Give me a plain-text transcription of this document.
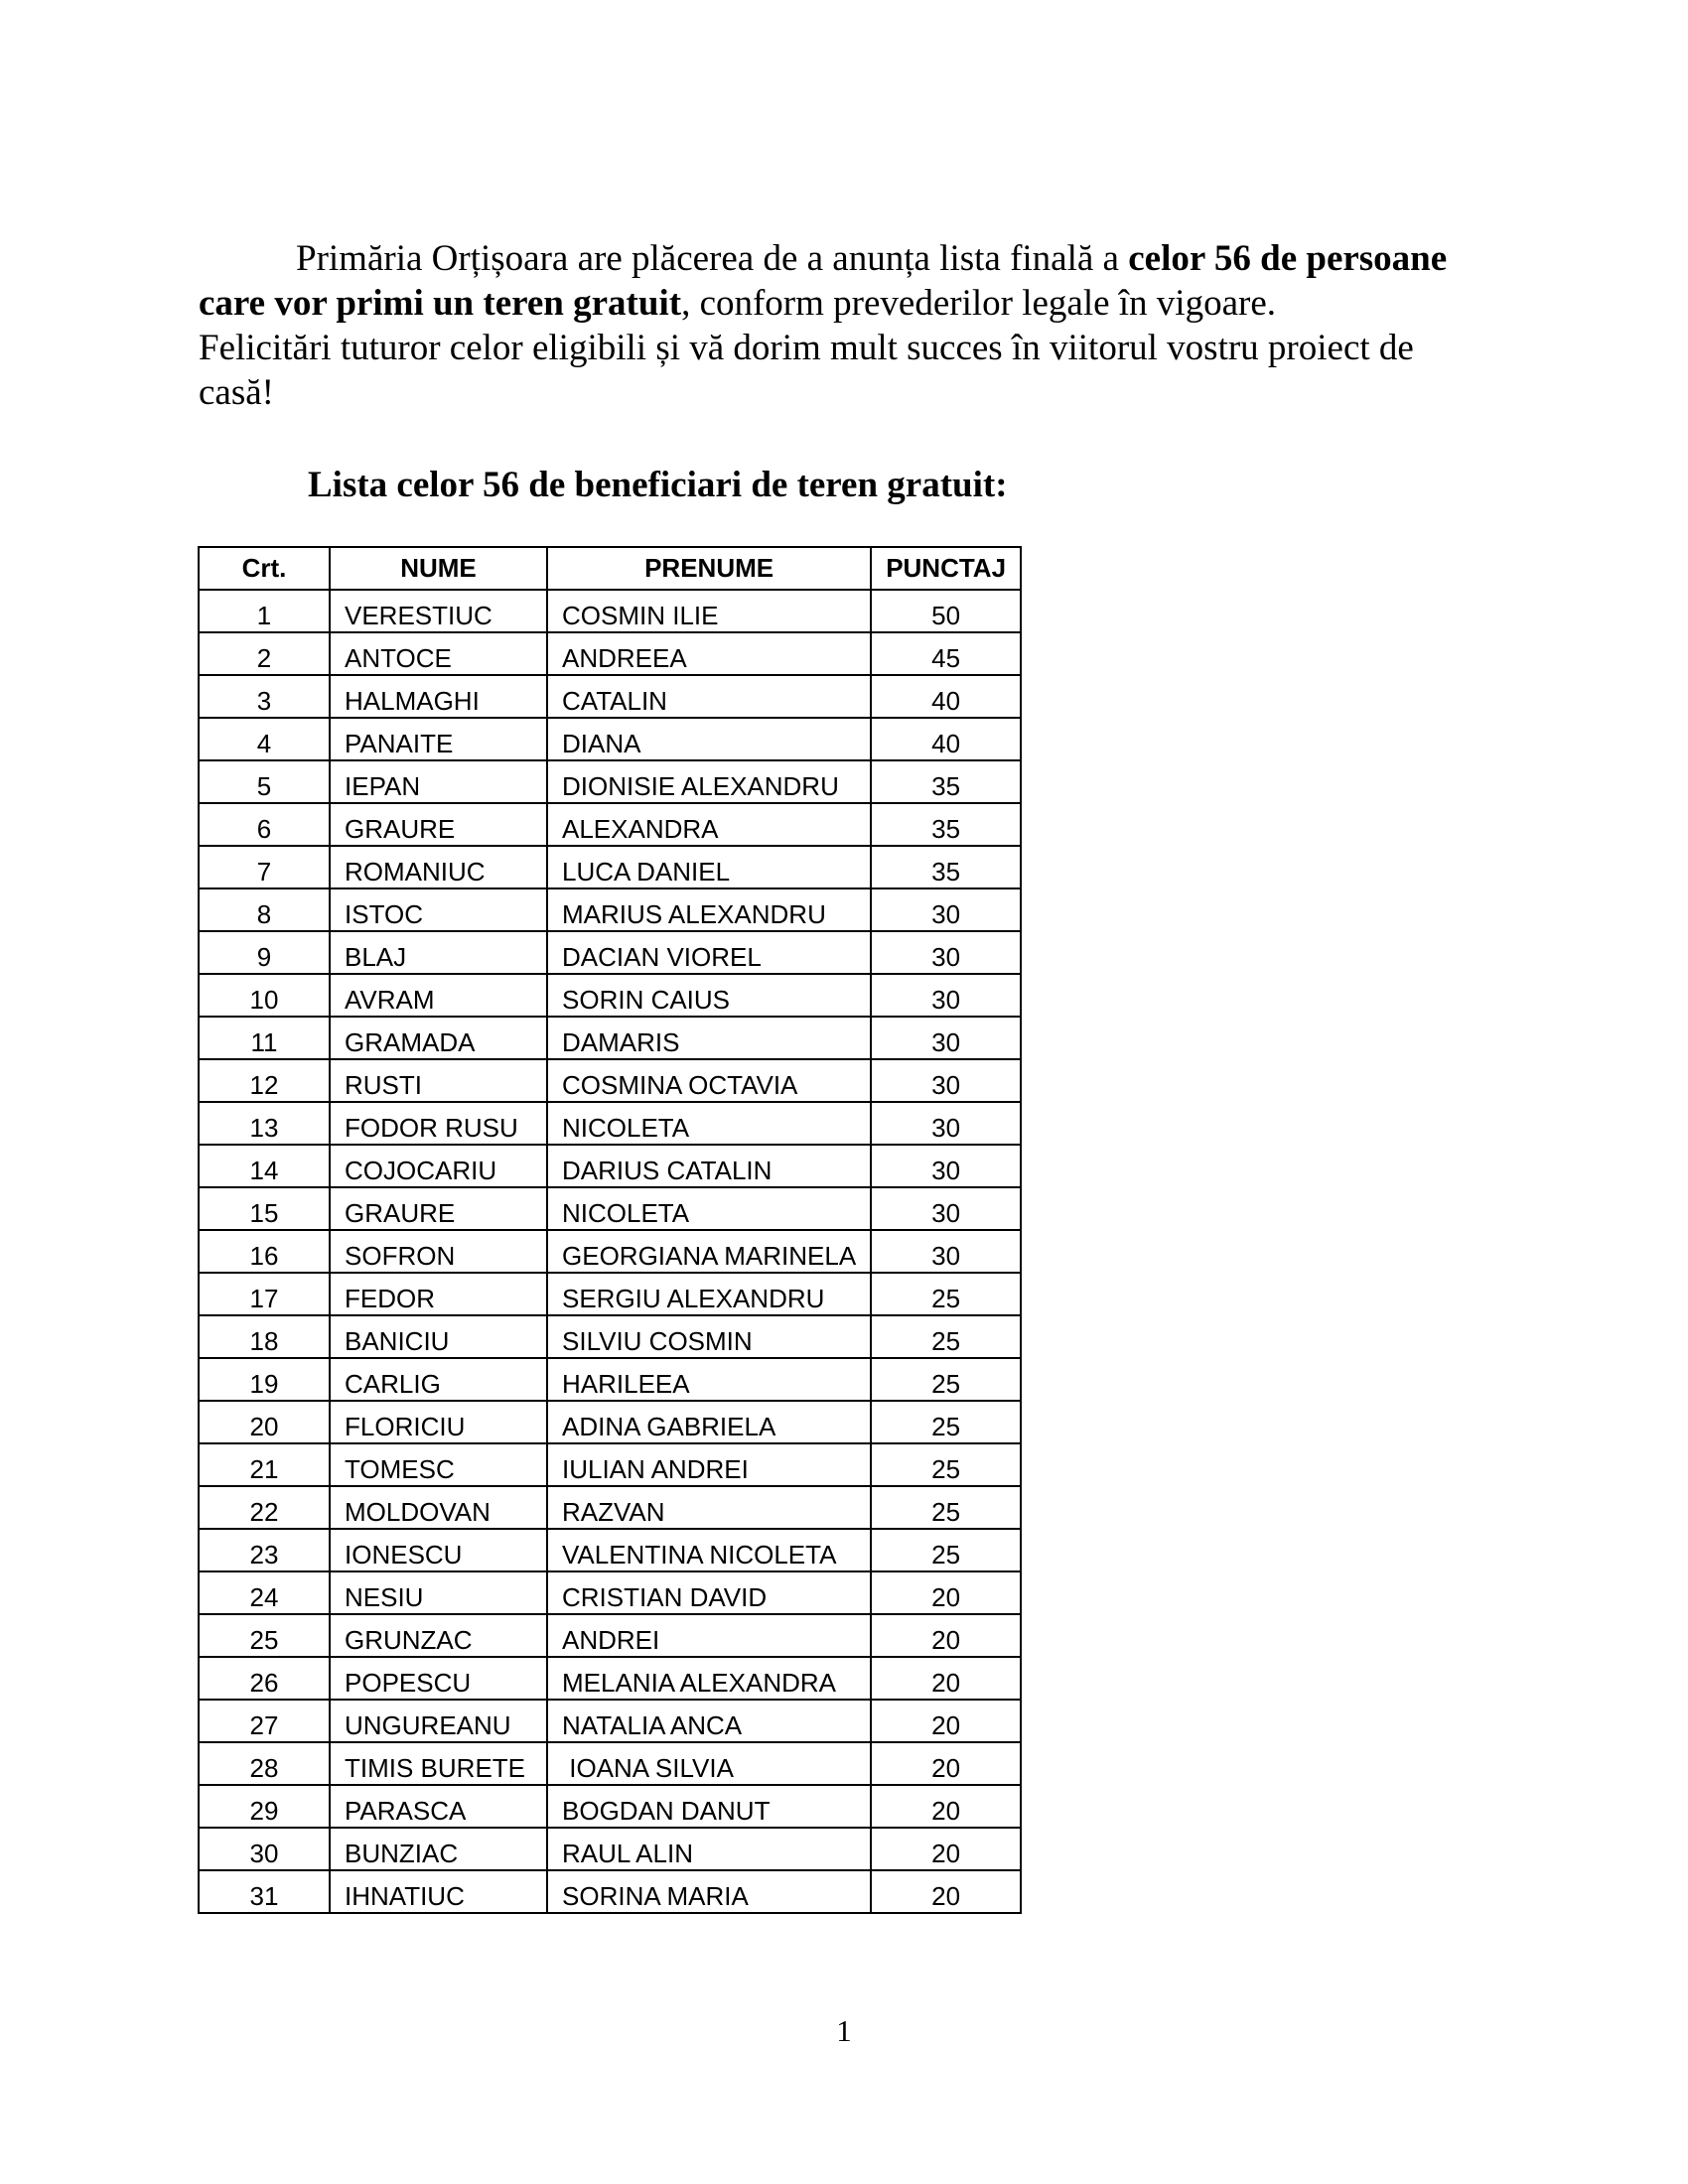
Primăria Orțișoara are plăcerea de a anunța lista finală a celor 56 de persoane care vor primi un teren gratuit, conform prevederilor legale în vigoare.

Felicitări tuturor celor eligibili și vă dorim mult succes în viitorul vostru proiect de casă!

Lista celor 56 de beneficiari de teren gratuit:
Crt.	NUME	PRENUME	PUNCTAJ
1	VERESTIUC	COSMIN ILIE	50
2	ANTOCE	ANDREEA	45
3	HALMAGHI	CATALIN	40
4	PANAITE	DIANA	40
5	IEPAN	DIONISIE ALEXANDRU	35
6	GRAURE	ALEXANDRA	35
7	ROMANIUC	LUCA DANIEL	35
8	ISTOC	MARIUS ALEXANDRU	30
9	BLAJ	DACIAN VIOREL	30
10	AVRAM	SORIN CAIUS	30
11	GRAMADA	DAMARIS	30
12	RUSTI	COSMINA OCTAVIA	30
13	FODOR RUSU	NICOLETA	30
14	COJOCARIU	DARIUS CATALIN	30
15	GRAURE	NICOLETA	30
16	SOFRON	GEORGIANA MARINELA	30
17	FEDOR	SERGIU ALEXANDRU	25
18	BANICIU	SILVIU COSMIN	25
19	CARLIG	HARILEEA	25
20	FLORICIU	ADINA GABRIELA	25
21	TOMESC	IULIAN ANDREI	25
22	MOLDOVAN	RAZVAN	25
23	IONESCU	VALENTINA NICOLETA	25
24	NESIU	CRISTIAN DAVID	20
25	GRUNZAC	ANDREI	20
26	POPESCU	MELANIA ALEXANDRA	20
27	UNGUREANU	NATALIA ANCA	20
28	TIMIS BURETE	IOANA SILVIA	20
29	PARASCA	BOGDAN DANUT	20
30	BUNZIAC	RAUL ALIN	20
31	IHNATIUC	SORINA MARIA	20
1
